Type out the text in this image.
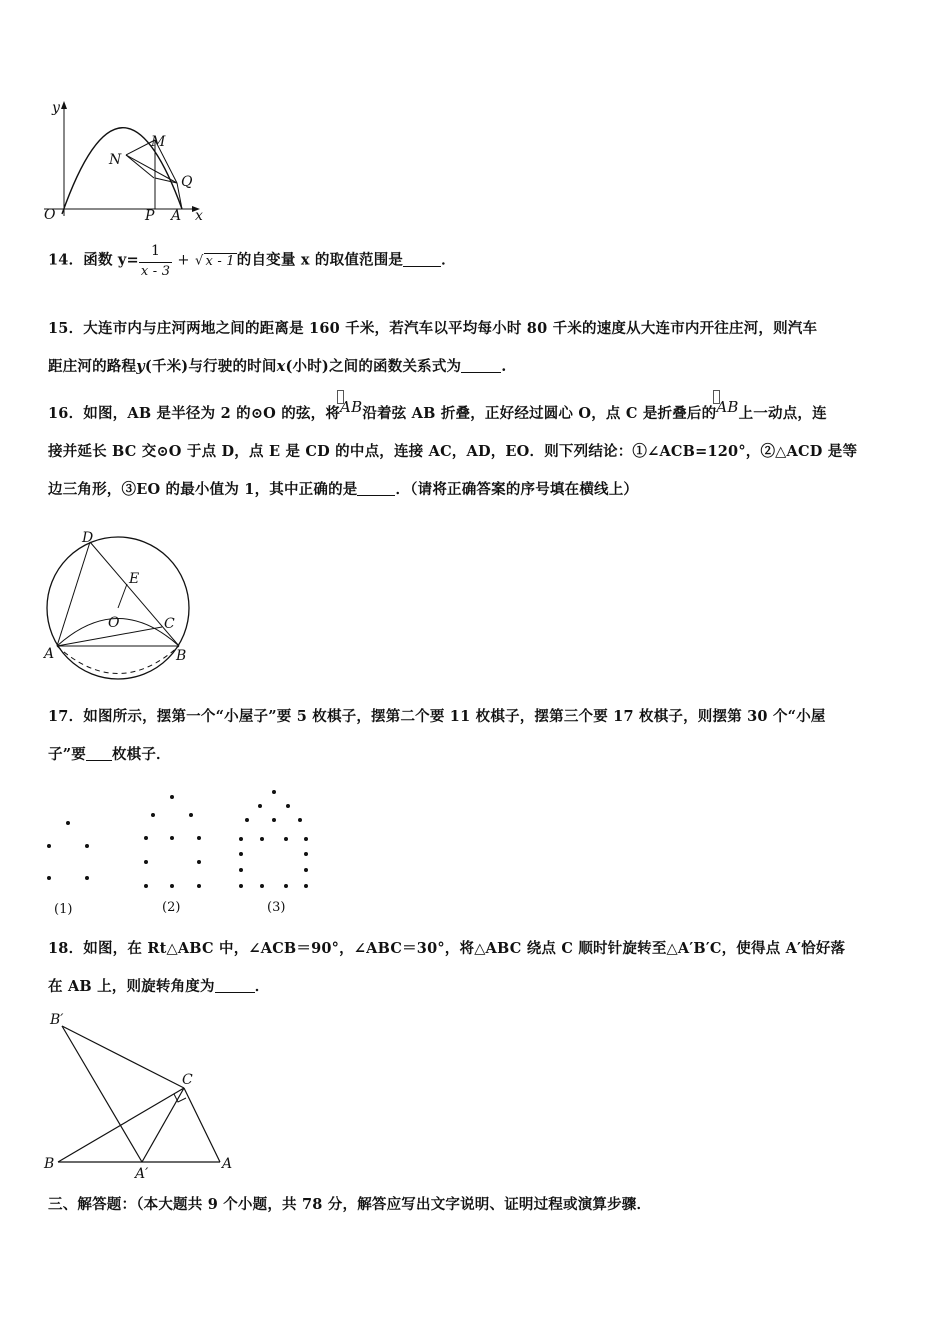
y
O
M
N
Q
P A x
14．函数 $y= \frac{1}{x - 3}$ + √ x - 1 的自变量 x 的取值范围是	．
15．大连市内与庄河两地之间的距离是 160 千米，若汽车以平均每小时 80 千米的速度从大连市内开往庄河，则汽车
距庄河的路程y(千米)与行驶的时间x(小时)之间的函数关系式为	.
16．如图，AB 是半径为 2 的⊙O 的弦，将AB沿着弦 AB 折叠，正好经过圆心 O，点 C 是折叠后的AB上一动点，连
接并延长 BC 交⊙O 于点 D，点 E 是 CD 的中点，连接 AC，AD，EO．则下列结论：①∠ACB=120°，②△ACD 是等
边三角形，③EO 的最小值为 1，其中正确的是	．（请将正确答案的序号填在横线上）
D
E
O	C
A	B
17．如图所示，摆第一个“小屋子”要 5 枚棋子，摆第二个要 11 枚棋子，摆第三个要 17 枚棋子，则摆第 30 个“小屋
子”要 枚棋子．
(1)	(2)	(3)
18．如图，在 Rt△ABC 中，∠ACB＝90°，∠ABC＝30°，将△ABC 绕点 C 顺时针旋转至△A′B′C，使得点 A′恰好落
在 AB 上，则旋转角度为	．
B′
C
B
A′
A
三、解答题：（本大题共 9 个小题，共 78 分，解答应写出文字说明、证明过程或演算步骤．
